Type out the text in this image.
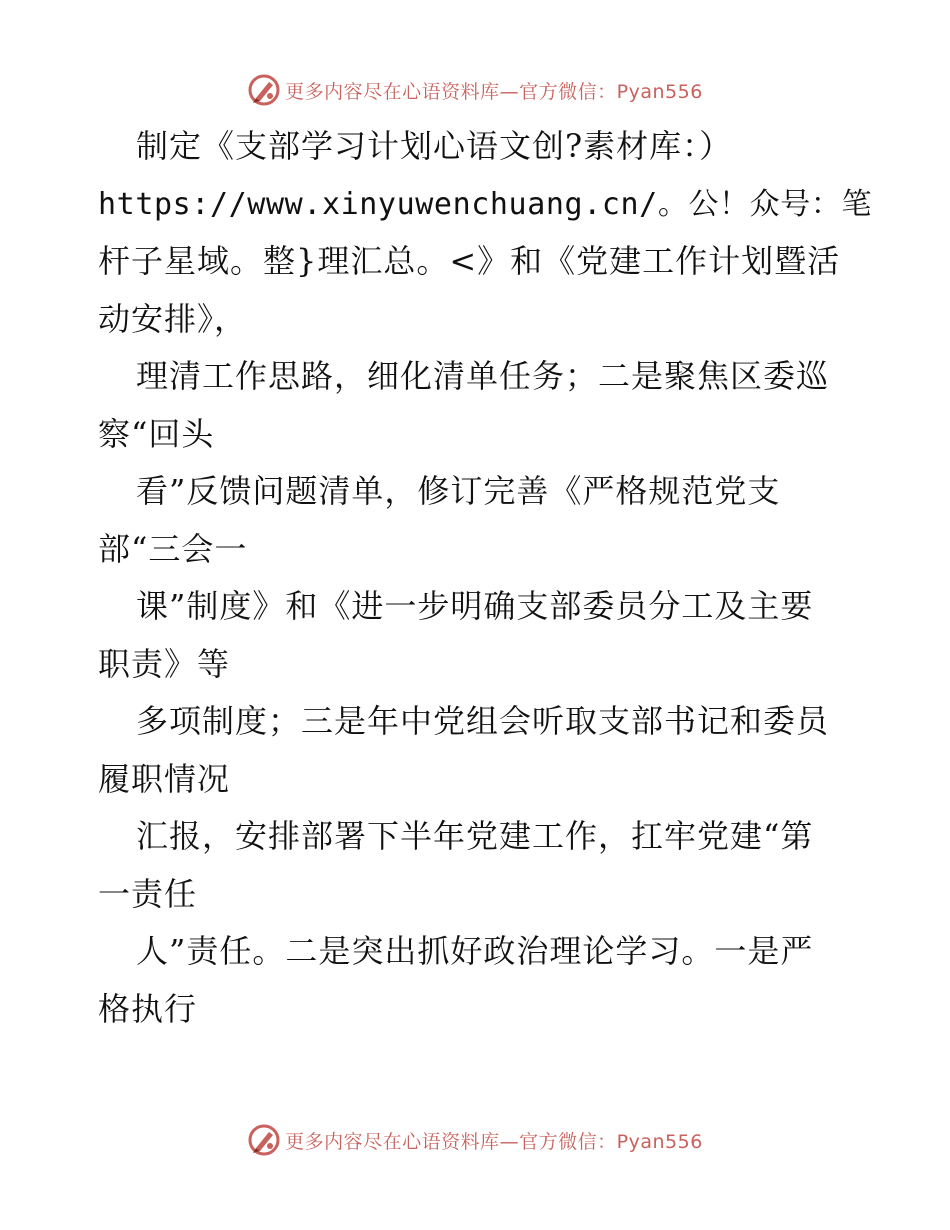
更多内容尽在心语资料库—官方微信：Pyan556
制定《支部学习计划心语文创?素材库：）
https://www.xinyuwenchuang.cn/。公！众号：笔
杆子星域。整}理汇总。<》和《党建工作计划暨活
动安排》，
理清工作思路，细化清单任务；二是聚焦区委巡
察“回头
看”反馈问题清单，修订完善《严格规范党支
部“三会一
课”制度》和《进一步明确支部委员分工及主要
职责》等
多项制度；三是年中党组会听取支部书记和委员
履职情况
汇报，安排部署下半年党建工作，扛牢党建“第
一责任
人”责任。二是突出抓好政治理论学习。一是严
格执行
更多内容尽在心语资料库—官方微信：Pyan556
